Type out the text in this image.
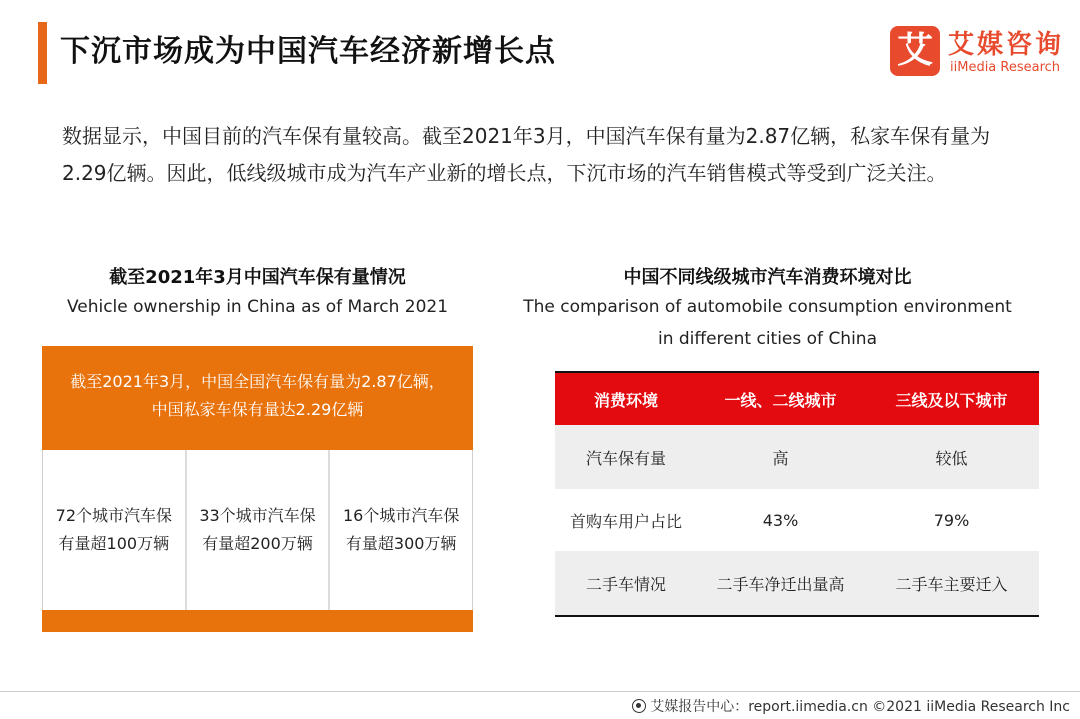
下沉市场成为中国汽车经济新增长点	艾 艾媒咨询
iiMedia Research
数据显示，中国目前的汽车保有量较高。截至2021年3月，中国汽车保有量为2.87亿辆，私家车保有量为2.29亿辆。因此，低线级城市成为汽车产业新的增长点，下沉市场的汽车销售模式等受到广泛关注。
截至2021年3月中国汽车保有量情况
Vehicle ownership in China as of March 2021
截至2021年3月，中国全国汽车保有量为2.87亿辆，
中国私家车保有量达2.29亿辆
72个城市汽车保
有量超100万辆
33个城市汽车保
有量超200万辆
16个城市汽车保
有量超300万辆
中国不同线级城市汽车消费环境对比
The comparison of automobile consumption environment
in different cities of China
消费环境	一线、二线城市	三线及以下城市
汽车保有量	高	较低
首购车用户占比	43%	79%
二手车情况	二手车净迁出量高	二手车主要迁入
艾媒报告中心：report.iimedia.cn ©2021 iiMedia Research Inc
